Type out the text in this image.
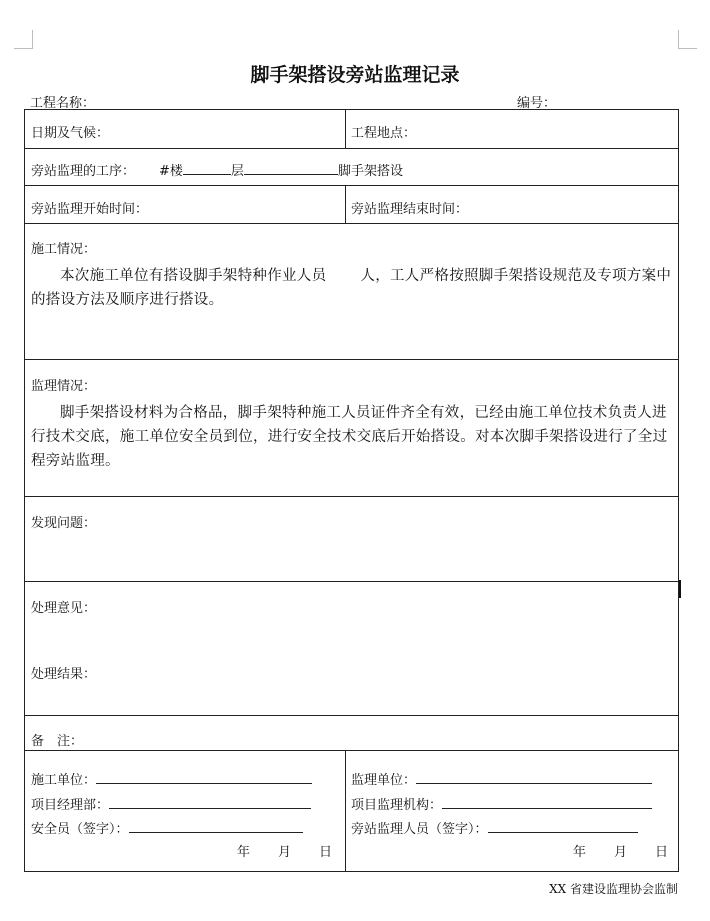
脚手架搭设旁站监理记录
工程名称：	编号：
日期及气候：	工程地点：
旁站监理的工序： #楼	层	脚手架搭设
旁站监理开始时间：	旁站监理结束时间：
施工情况：
本次施工单位有搭设脚手架特种作业人员 人，工人严格按照脚手架搭设规范及专项方案中的搭设方法及顺序进行搭设。
监理情况：
脚手架搭设材料为合格品，脚手架特种施工人员证件齐全有效，已经由施工单位技术负责人进行技术交底，施工单位安全员到位，进行安全技术交底后开始搭设。对本次脚手架搭设进行了全过程旁站监理。
发现问题：
处理意见：
处理结果：
备　注：
施工单位：
项目经理部：
安全员（签字）：
年 月 日
监理单位：
项目监理机构：
旁站监理人员（签字）：
年 月 日
XX 省建设监理协会监制
